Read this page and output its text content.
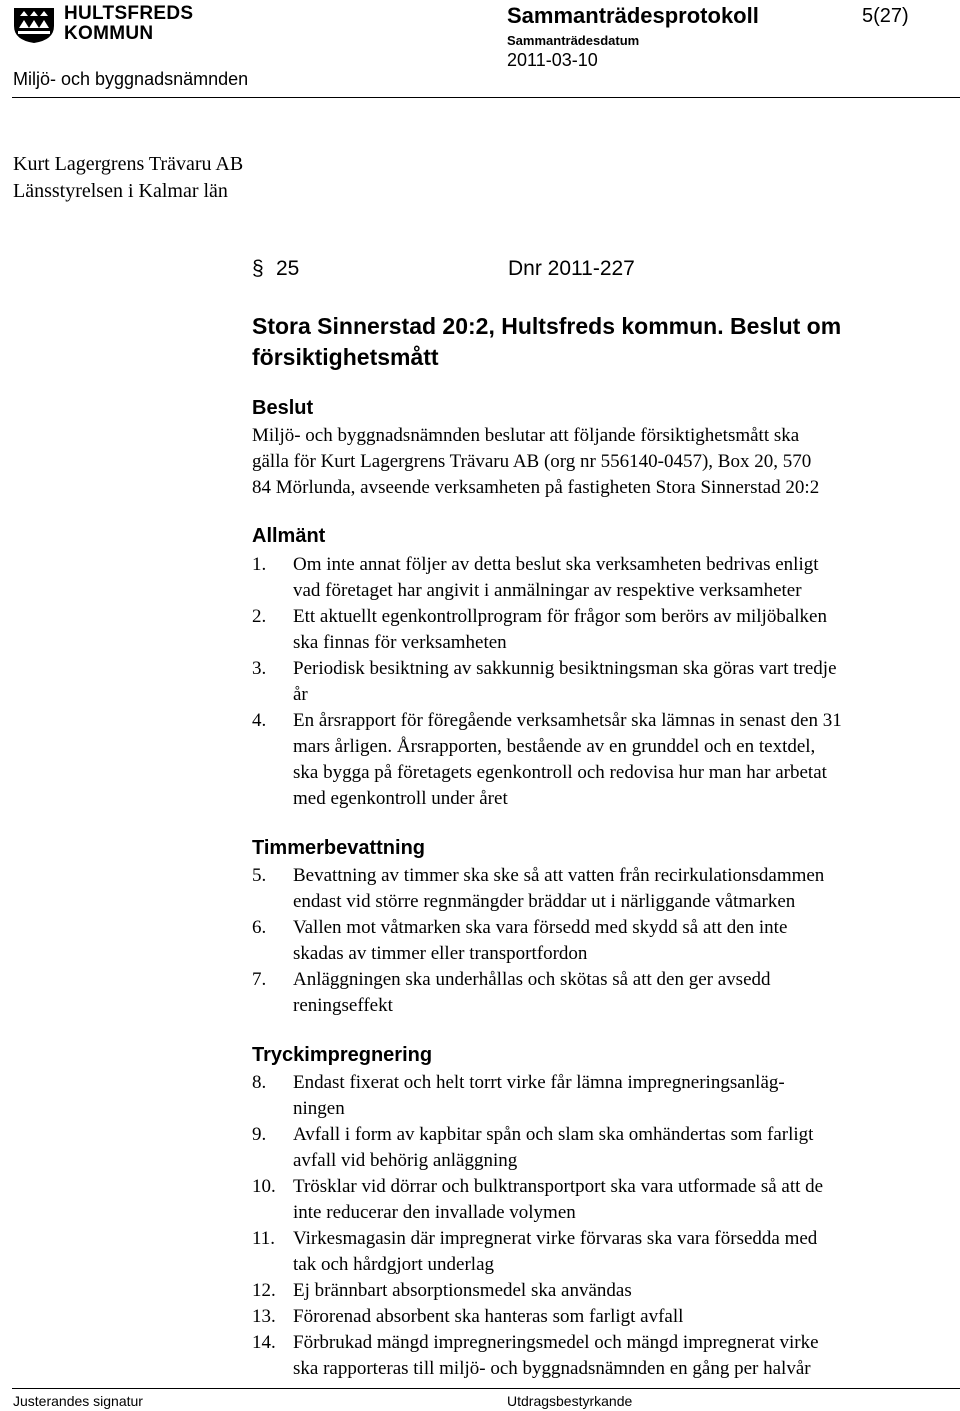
HULTSFREDS
KOMMUN
Sammanträdesprotokoll	5(27)
Sammanträdesdatum
2011-03-10
Miljö- och byggnadsnämnden
Kurt Lagergrens Trävaru AB
Länsstyrelsen i Kalmar län
§ 25	Dnr 2011-227
Stora Sinnerstad 20:2, Hultsfreds kommun. Beslut om
försiktighetsmått
Beslut
Miljö- och byggnadsnämnden beslutar att följande försiktighetsmått ska
gälla för Kurt Lagergrens Trävaru AB (org nr 556140-0457), Box 20, 570
84 Mörlunda, avseende verksamheten på fastigheten Stora Sinnerstad 20:2
Allmänt
1.	Om inte annat följer av detta beslut ska verksamheten bedrivas enligt
vad företaget har angivit i anmälningar av respektive verksamheter
2.	Ett aktuellt egenkontrollprogram för frågor som berörs av miljöbalken
ska finnas för verksamheten
3.	Periodisk besiktning av sakkunnig besiktningsman ska göras vart tredje
år
4.	En årsrapport för föregående verksamhetsår ska lämnas in senast den 31
mars årligen. Årsrapporten, bestående av en grunddel och en textdel,
ska bygga på företagets egenkontroll och redovisa hur man har arbetat
med egenkontroll under året
Timmerbevattning
5.	Bevattning av timmer ska ske så att vatten från recirkulationsdammen
endast vid större regnmängder bräddar ut i närliggande våtmarken
6.	Vallen mot våtmarken ska vara försedd med skydd så att den inte
skadas av timmer eller transportfordon
7.	Anläggningen ska underhållas och skötas så att den ger avsedd
reningseffekt
Tryckimpregnering
8.	Endast fixerat och helt torrt virke får lämna impregneringsanläg-
ningen
9.	Avfall i form av kapbitar spån och slam ska omhändertas som farligt
avfall vid behörig anläggning
10. Trösklar vid dörrar och bulktransportport ska vara utformade så att de
inte reducerar den invallade volymen
11. Virkesmagasin där impregnerat virke förvaras ska vara försedda med
tak och hårdgjort underlag
12. Ej brännbart absorptionsmedel ska användas
13. Förorenad absorbent ska hanteras som farligt avfall
14. Förbrukad mängd impregneringsmedel och mängd impregnerat virke
ska rapporteras till miljö- och byggnadsnämnden en gång per halvår
Justerandes signatur	Utdragsbestyrkande
